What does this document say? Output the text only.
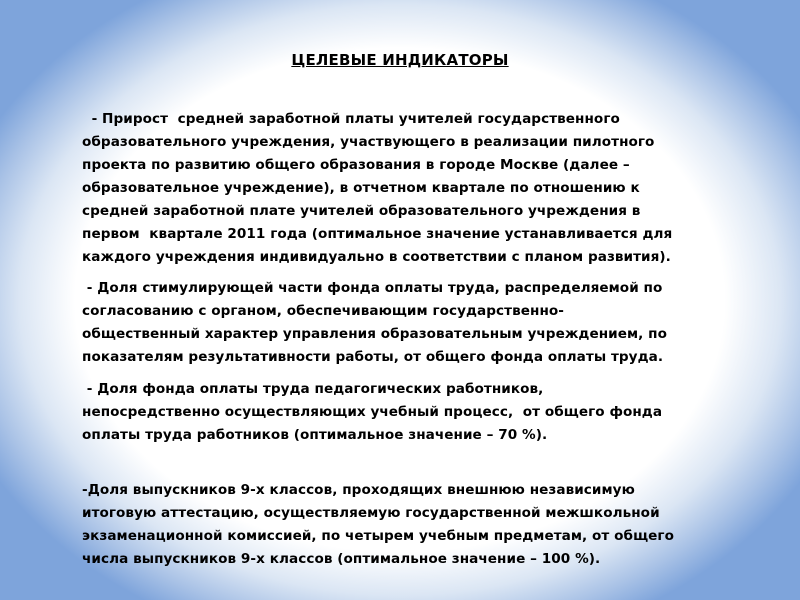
ЦЕЛЕВЫЕ ИНДИКАТОРЫ
- Прирост  средней заработной платы учителей государственного
образовательного учреждения, участвующего в реализации пилотного
проекта по развитию общего образования в городе Москве (далее –
образовательное учреждение), в отчетном квартале по отношению к
средней заработной плате учителей образовательного учреждения в
первом  квартале 2011 года (оптимальное значение устанавливается для
каждого учреждения индивидуально в соответствии с планом развития).
- Доля стимулирующей части фонда оплаты труда, распределяемой по
согласованию с органом, обеспечивающим государственно-
общественный характер управления образовательным учреждением, по
показателям результативности работы, от общего фонда оплаты труда.
- Доля фонда оплаты труда педагогических работников,
непосредственно осуществляющих учебный процесс,  от общего фонда
оплаты труда работников (оптимальное значение – 70 %).
-Доля выпускников 9-х классов, проходящих внешнюю независимую
итоговую аттестацию, осуществляемую государственной межшкольной
экзаменационной комиссией, по четырем учебным предметам, от общего
числа выпускников 9-х классов (оптимальное значение – 100 %).
